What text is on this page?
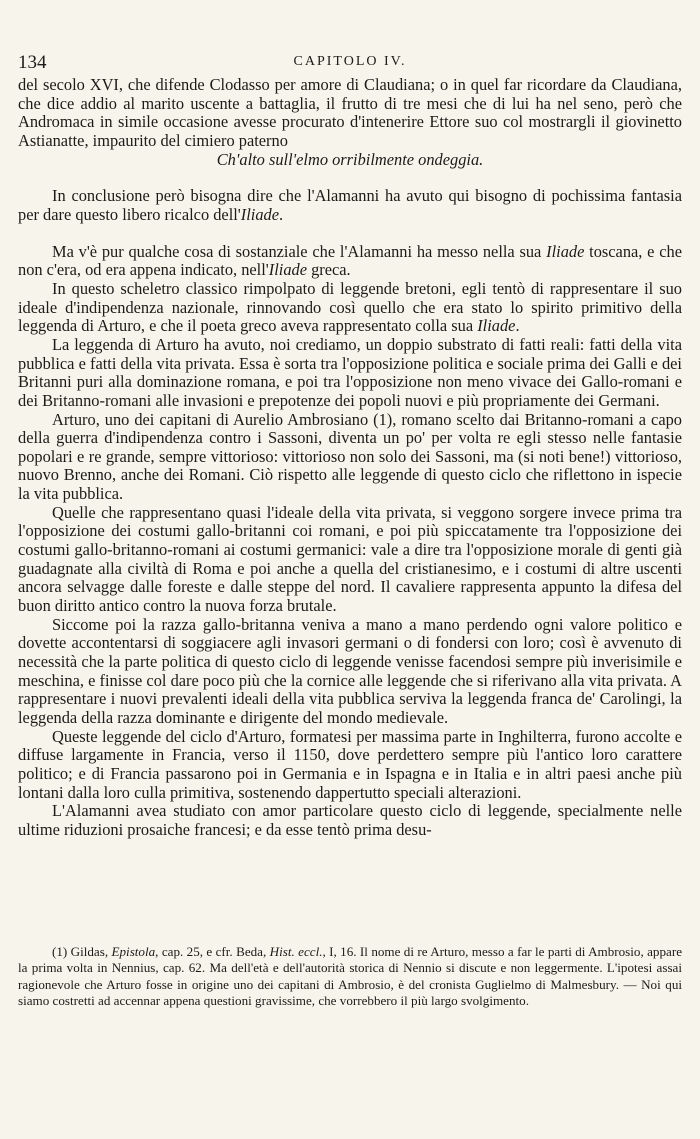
134	CAPITOLO IV.

del secolo XVI, che difende Clodasso per amore di Claudiana; o in quel far ricordare da Claudiana, che dice addio al marito uscente a battaglia, il frutto di tre mesi che di lui ha nel seno, però che Andromaca in simile occasione avesse procurato d'intenerire Ettore suo col mostrargli il giovinetto Astianatte, impaurito del cimiero paterno

Ch'alto sull'elmo orribilmente ondeggia.

In conclusione però bisogna dire che l'Alamanni ha avuto qui bisogno di pochissima fantasia per dare questo libero ricalco dell'Iliade.

Ma v'è pur qualche cosa di sostanziale che l'Alamanni ha messo nella sua Iliade toscana, e che non c'era, od era appena indicato, nell'Iliade greca.

In questo scheletro classico rimpolpato di leggende bretoni, egli tentò di rappresentare il suo ideale d'indipendenza nazionale, rinnovando così quello che era stato lo spirito primitivo della leggenda di Arturo, e che il poeta greco aveva rappresentato colla sua Iliade.

La leggenda di Arturo ha avuto, noi crediamo, un doppio substrato di fatti reali: fatti della vita pubblica e fatti della vita privata. Essa è sorta tra l'opposizione politica e sociale prima dei Galli e dei Britanni puri alla dominazione romana, e poi tra l'opposizione non meno vivace dei Gallo-romani e dei Britanno-romani alle invasioni e prepotenze dei popoli nuovi e più propriamente dei Germani.

Arturo, uno dei capitani di Aurelio Ambrosiano (1), romano scelto dai Britanno-romani a capo della guerra d'indipendenza contro i Sassoni, diventa un po' per volta re egli stesso nelle fantasie popolari e re grande, sempre vittorioso: vittorioso non solo dei Sassoni, ma (si noti bene!) vittorioso, nuovo Brenno, anche dei Romani. Ciò rispetto alle leggende di questo ciclo che riflettono in ispecie la vita pubblica.

Quelle che rappresentano quasi l'ideale della vita privata, si veggono sorgere invece prima tra l'opposizione dei costumi gallo-britanni coi romani, e poi più spiccatamente tra l'opposizione dei costumi gallo-britanno-romani ai costumi germanici: vale a dire tra l'opposizione morale di genti già guadagnate alla civiltà di Roma e poi anche a quella del cristianesimo, e i costumi di altre uscenti ancora selvagge dalle foreste e dalle steppe del nord. Il cavaliere rappresenta appunto la difesa del buon diritto antico contro la nuova forza brutale.

Siccome poi la razza gallo-britanna veniva a mano a mano perdendo ogni valore politico e dovette accontentarsi di soggiacere agli invasori germani o di fondersi con loro; così è avvenuto di necessità che la parte politica di questo ciclo di leggende venisse facendosi sempre più inverisimile e meschina, e finisse col dare poco più che la cornice alle leggende che si riferivano alla vita privata. A rappresentare i nuovi prevalenti ideali della vita pubblica serviva la leggenda franca de' Carolingi, la leggenda della razza dominante e dirigente del mondo medievale.

Queste leggende del ciclo d'Arturo, formatesi per massima parte in Inghilterra, furono accolte e diffuse largamente in Francia, verso il 1150, dove perdettero sempre più l'antico loro carattere politico; e di Francia passarono poi in Germania e in Ispagna e in Italia e in altri paesi anche più lontani dalla loro culla primitiva, sostenendo dappertutto speciali alterazioni.

L'Alamanni avea studiato con amor particolare questo ciclo di leggende, specialmente nelle ultime riduzioni prosaiche francesi; e da esse tentò prima desu-

(1) Gildas, Epistola, cap. 25, e cfr. Beda, Hist. eccl., I, 16. Il nome di re Arturo, messo a far le parti di Ambrosio, appare la prima volta in Nennius, cap. 62. Ma dell'età e dell'autorità storica di Nennio si discute e non leggermente. L'ipotesi assai ragionevole che Arturo fosse in origine uno dei capitani di Ambrosio, è del cronista Guglielmo di Malmesbury. — Noi qui siamo costretti ad accennar appena questioni gravissime, che vorrebbero il più largo svolgimento.
